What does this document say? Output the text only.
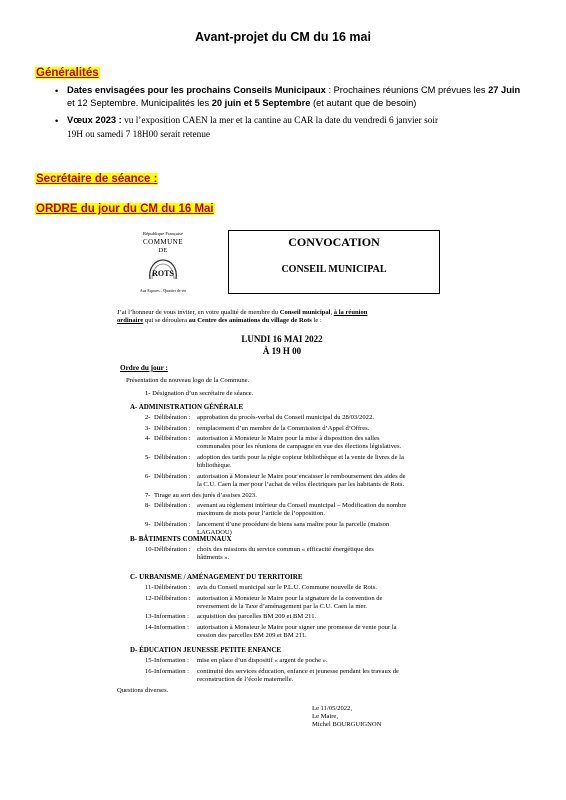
Avant-projet du CM du 16 mai
Généralités
• Dates envisagées pour les prochains Conseils Municipaux : Prochaines réunions CM prévues les 27 Juin
et 12 Septembre. Municipalités les 20 juin et 5 Septembre (et autant que de besoin)
• Vœux 2023 : vu l’exposition CAEN la mer et la cantine au CAR la date du vendredi 6 janvier soir
19H ou samedi 7 18H00 serait retenue
Secrétaire de séance :
ORDRE du jour du CM du 16 Mai
République Française
COMMUNE
DE
ROTS
Aux Espaces – Quartier de vie
CONVOCATION
CONSEIL MUNICIPAL
J’ai l’honneur de vous inviter, en votre qualité de membre du Conseil municipal, à la réunion
ordinaire qui se déroulera au Centre des animations du village de Rots le :
LUNDI 16 MAI 2022
À 19 H 00
Ordre du jour :
Présentation du nouveau logo de la Commune.
1- Désignation d’un secrétaire de séance.
A- ADMINISTRATION GÉNÉRALE
2- Délibération : approbation du procès-verbal du Conseil municipal du 28/03/2022.
3- Délibération : remplacement d’un membre de la Commission d’Appel d’Offres.
4- Délibération : autorisation à Monsieur le Maire pour la mise à disposition des salles
communales pour les réunions de campagne en vue des élections législatives.
5- Délibération : adoption des tarifs pour la régie copieur bibliothèque et la vente de livres de la
bibliothèque.
6- Délibération : autorisation à Monsieur le Maire pour encaisser le remboursement des aides de
la C.U. Caen la mer pour l’achat de vélos électriques par les habitants de Rots.
7- Tirage au sort des jurés d’assises 2023.
8- Délibération : avenant au règlement intérieur du Conseil municipal – Modification du nombre
maximum de mots pour l’article de l’opposition.
9- Délibération : lancement d’une procédure de biens sans maître pour la parcelle (maison
LAGADOU)
B- BÂTIMENTS COMMUNAUX
10- Délibération : choix des missions du service commun « efficacité énergétique des
bâtiments ».
C- URBANISME / AMÉNAGEMENT DU TERRITOIRE
11- Délibération : avis du Conseil municipal sur le P.L.U. Commune nouvelle de Rots.
12- Délibération : autorisation à Monsieur le Maire pour la signature de la convention de
reversement de la Taxe d’aménagement par la C.U. Caen la mer.
13- Information : acquisition des parcelles BM 209 et BM 211.
14- Information : autorisation à Monsieur le Maire pour signer une promesse de vente pour la
cession des parcelles BM 209 et BM 211.
D- ÉDUCATION JEUNESSE PETITE ENFANCE
15- Information : mise en place d’un dispositif « argent de poche ».
16- Information : continuité des services éducation, enfance et jeunesse pendant les travaux de
reconstruction de l’école maternelle.
Questions diverses.
Le 11/05/2022,
Le Maire,
Michel BOURGUIGNON
